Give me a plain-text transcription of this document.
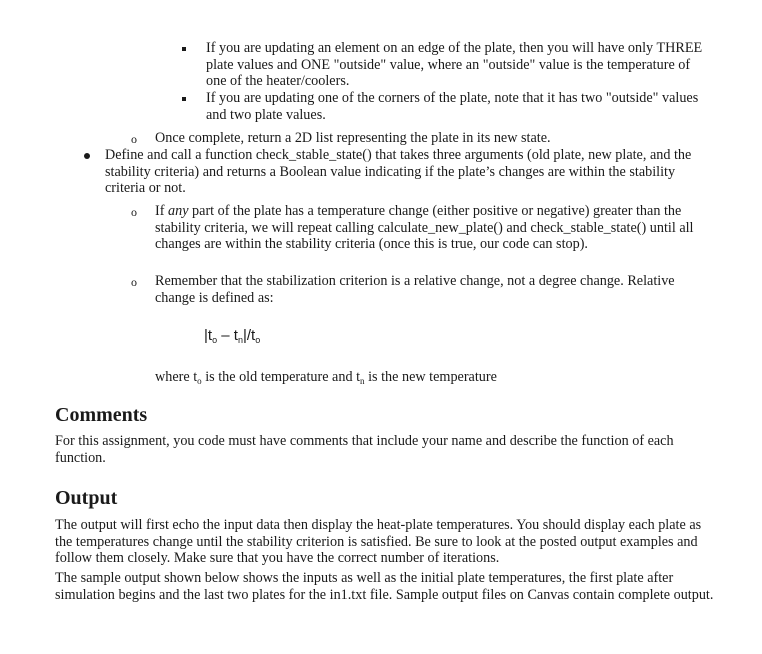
If you are updating an element on an edge of the plate, then you will have only THREE plate values and ONE "outside" value, where an "outside" value is the temperature of one of the heater/coolers.

If you are updating one of the corners of the plate, note that it has two "outside" values and two plate values.

o Once complete, return a 2D list representing the plate in its new state.

Define and call a function check_stable_state() that takes three arguments (old plate, new plate, and the stability criteria) and returns a Boolean value indicating if the plate’s changes are within the stability criteria or not.

o If any part of the plate has a temperature change (either positive or negative) greater than the stability criteria, we will repeat calling calculate_new_plate() and check_stable_state() until all changes are within the stability criteria (once this is true, our code can stop).

o Remember that the stabilization criterion is a relative change, not a degree change. Relative change is defined as:

$|t_o - t_n|/t_o$

where $t_o$ is the old temperature and $t_n$ is the new temperature

Comments

For this assignment, you code must have comments that include your name and describe the function of each function.

Output

The output will first echo the input data then display the heat-plate temperatures. You should display each plate as the temperatures change until the stability criterion is satisfied. Be sure to look at the posted output examples and follow them closely. Make sure that you have the correct number of iterations.

The sample output shown below shows the inputs as well as the initial plate temperatures, the first plate after simulation begins and the last two plates for the in1.txt file. Sample output files on Canvas contain complete output.
